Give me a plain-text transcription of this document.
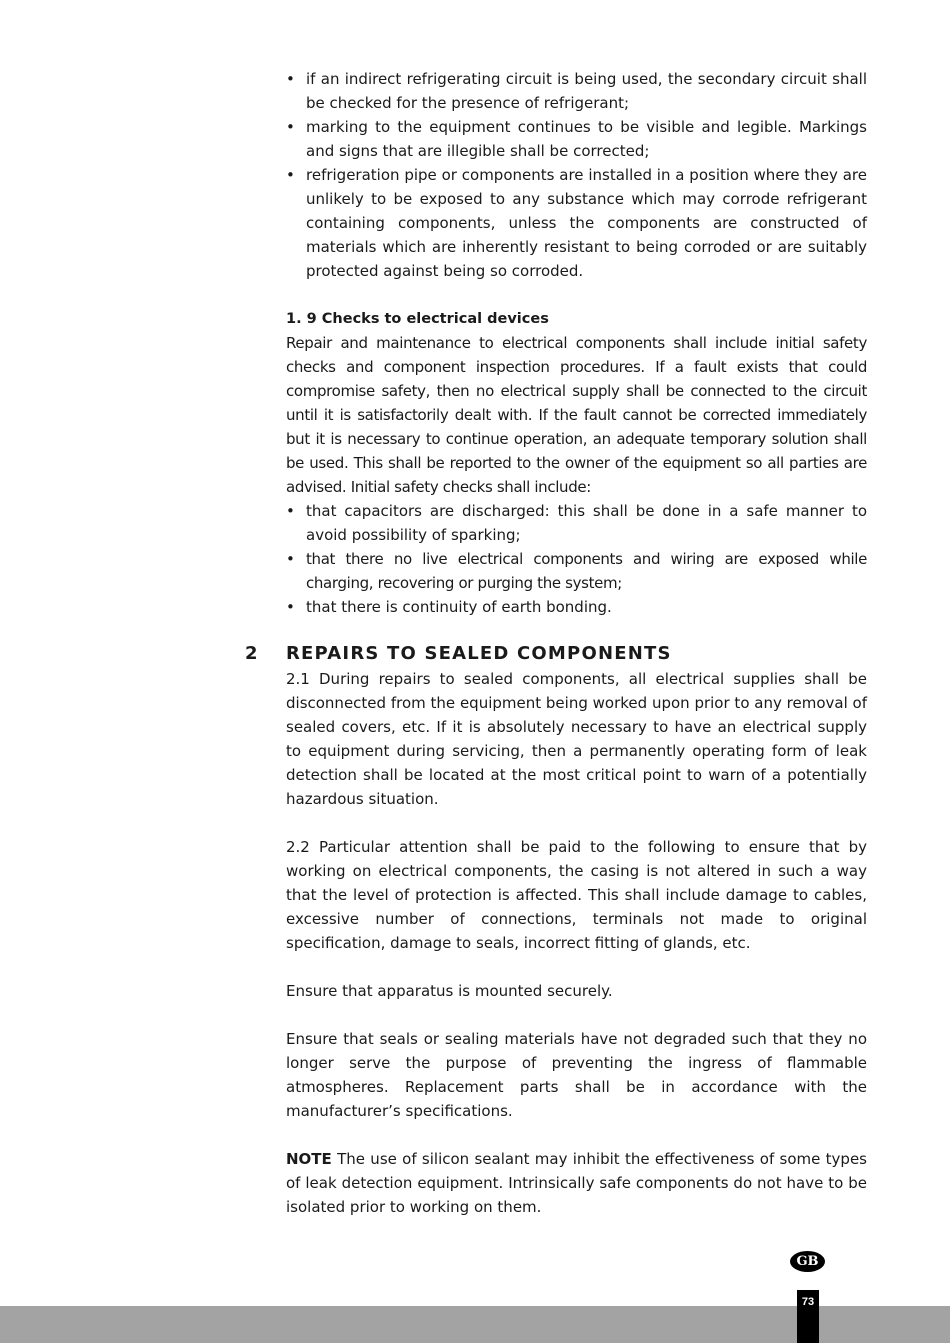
• if an indirect refrigerating circuit is being used, the secondary circuit shall be checked for the presence of refrigerant;
• marking to the equipment continues to be visible and legible. Markings and signs that are illegible shall be corrected;
• refrigeration pipe or components are installed in a position where they are unlikely to be exposed to any substance which may corrode refrigerant containing components, unless the components are constructed of materials which are inherently resistant to being corroded or are suitably protected against being so corroded.
1. 9 Checks to electrical devices

Repair and maintenance to electrical components shall include initial safety checks and component inspection procedures. If a fault exists that could compromise safety, then no electrical supply shall be connected to the circuit until it is satisfactorily dealt with. If the fault cannot be corrected immediately but it is necessary to continue operation, an adequate temporary solution shall be used. This shall be reported to the owner of the equipment so all parties are advised. Initial safety checks shall include:

• that capacitors are discharged: this shall be done in a safe manner to avoid possibility of sparking;
• that there no live electrical components and wiring are exposed while charging, recovering or purging the system;
• that there is continuity of earth bonding.
2 REPAIRS TO SEALED COMPONENTS

2.1 During repairs to sealed components, all electrical supplies shall be disconnected from the equipment being worked upon prior to any removal of sealed covers, etc. If it is absolutely necessary to have an electrical supply to equipment during servicing, then a permanently operating form of leak detection shall be located at the most critical point to warn of a potentially hazardous situation.

2.2 Particular attention shall be paid to the following to ensure that by working on electrical components, the casing is not altered in such a way that the level of protection is affected. This shall include damage to cables, excessive number of connections, terminals not made to original specification, damage to seals, incorrect fitting of glands, etc.

Ensure that apparatus is mounted securely.

Ensure that seals or sealing materials have not degraded such that they no longer serve the purpose of preventing the ingress of flammable atmospheres. Replacement parts shall be in accordance with the manufacturer’s specifications.

NOTE The use of silicon sealant may inhibit the effectiveness of some types of leak detection equipment. Intrinsically safe components do not have to be isolated prior to working on them.

GB
73
